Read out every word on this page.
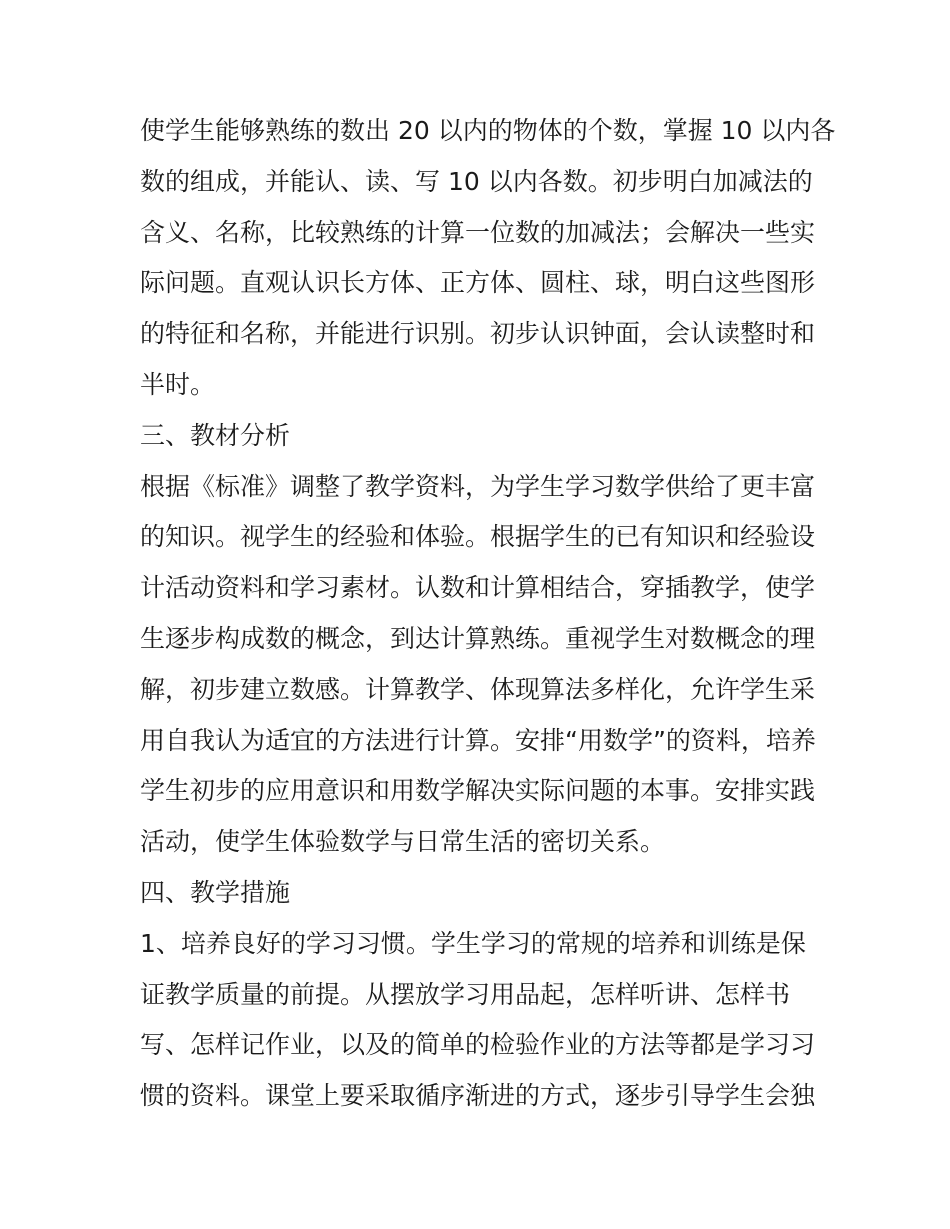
使学生能够熟练的数出 20 以内的物体的个数，掌握 10 以内各
数的组成，并能认、读、写 10 以内各数。初步明白加减法的
含义、名称，比较熟练的计算一位数的加减法；会解决一些实
际问题。直观认识长方体、正方体、圆柱、球，明白这些图形
的特征和名称，并能进行识别。初步认识钟面，会认读整时和
半时。
三、教材分析
根据《标准》调整了教学资料，为学生学习数学供给了更丰富
的知识。视学生的经验和体验。根据学生的已有知识和经验设
计活动资料和学习素材。认数和计算相结合，穿插教学，使学
生逐步构成数的概念，到达计算熟练。重视学生对数概念的理
解，初步建立数感。计算教学、体现算法多样化，允许学生采
用自我认为适宜的方法进行计算。安排“用数学”的资料，培养
学生初步的应用意识和用数学解决实际问题的本事。安排实践
活动，使学生体验数学与日常生活的密切关系。
四、教学措施
1、培养良好的学习习惯。学生学习的常规的培养和训练是保
证教学质量的前提。从摆放学习用品起，怎样听讲、怎样书
写、怎样记作业，以及的简单的检验作业的方法等都是学习习
惯的资料。课堂上要采取循序渐进的方式，逐步引导学生会独
